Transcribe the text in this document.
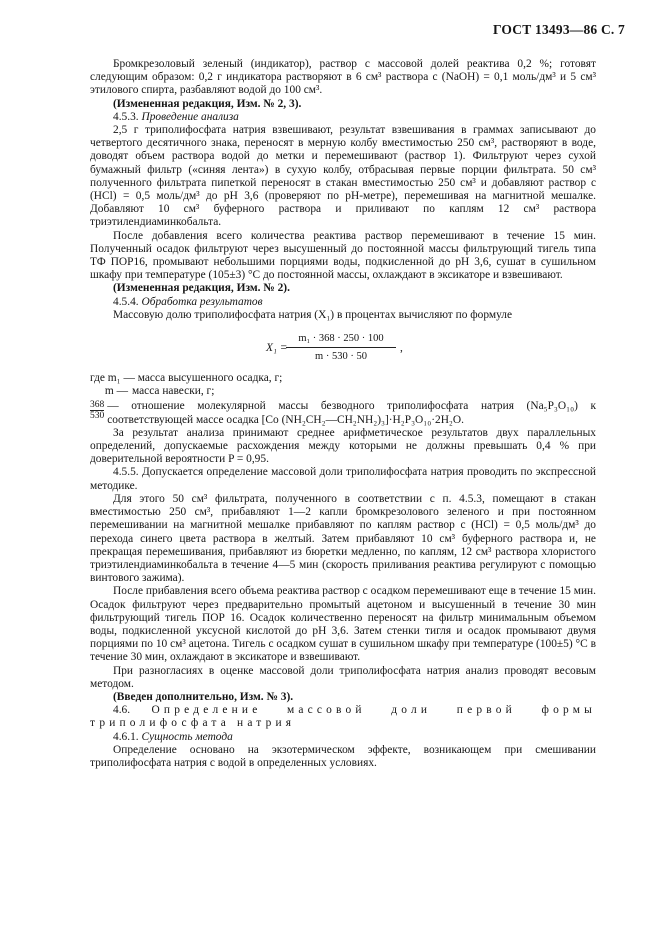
ГОСТ 13493—86 С. 7

Бромкрезоловый зеленый (индикатор), раствор с массовой долей реактива 0,2 %; готовят следующим образом: 0,2 г индикатора растворяют в 6 см³ раствора с (NaOH) = 0,1 моль/дм³ и 5 см³ этилового спирта, разбавляют водой до 100 см³.

(Измененная редакция, Изм. № 2, 3).

4.5.3. Проведение анализа

2,5 г триполифосфата натрия взвешивают, результат взвешивания в граммах записывают до четвертого десятичного знака, переносят в мерную колбу вместимостью 250 см³, растворяют в воде, доводят объем раствора водой до метки и перемешивают (раствор 1). Фильтруют через сухой бумажный фильтр («синяя лента») в сухую колбу, отбрасывая первые порции фильтрата. 50 см³ полученного фильтрата пипеткой переносят в стакан вместимостью 250 см³ и добавляют раствор с (HCl) = 0,5 моль/дм³ до pH 3,6 (проверяют по pH-метре), перемешивая на магнитной мешалке. Добавляют 10 см³ буферного раствора и приливают по каплям 12 см³ раствора триэтилендиаминкобальта.

После добавления всего количества реактива раствор перемешивают в течение 15 мин. Полученный осадок фильтруют через высушенный до постоянной массы фильтрующий тигель типа ТФ ПОР16, промывают небольшими порциями воды, подкисленной до pH 3,6, сушат в сушильном шкафу при температуре (105±3) °С до постоянной массы, охлаждают в эксикаторе и взвешивают.

(Измененная редакция, Изм. № 2).

4.5.4. Обработка результатов

Массовую долю триполифосфата натрия (X₁) в процентах вычисляют по формуле

X₁ =
$\frac{\text{m₁ · 368 · 250 · 100}}{m \cdot 530 \cdot 50}$ ,
где m₁ —
масса высушенного осадка, г;
m — масса навески, г;
$\frac{368}{530}$ — отношение молекулярной массы безводного триполифосфата натрия (Na₅P₃O₁₀) к соответствующей массе осадка [Co (NH₂CH₂—CH₂NH₂)₃]·H₂P₃O₁₀·2H₂O.

За результат анализа принимают среднее арифметическое результатов двух параллельных определений, допускаемые расхождения между которыми не должны превышать 0,4 % при доверительной вероятности P = 0,95.

4.5.5. Допускается определение массовой доли триполифосфата натрия проводить по экспрессной методике.

Для этого 50 см³ фильтрата, полученного в соответствии с п. 4.5.3, помещают в стакан вместимостью 250 см³, прибавляют 1—2 капли бромкрезолового зеленого и при постоянном перемешивании на магнитной мешалке прибавляют по каплям раствор с (HCl) = 0,5 моль/дм³ до перехода синего цвета раствора в желтый. Затем прибавляют 10 см³ буферного раствора и, не прекращая перемешивания, прибавляют из бюретки медленно, по каплям, 12 см³ раствора хлористого триэтилендиаминкобальта в течение 4—5 мин (скорость приливания реактива регулируют с помощью винтового зажима).

После прибавления всего объема реактива раствор с осадком перемешивают еще в течение 15 мин. Осадок фильтруют через предварительно промытый ацетоном и высушенный в течение 30 мин фильтрующий тигель ПОР 16. Осадок количественно переносят на фильтр минимальным объемом воды, подкисленной уксусной кислотой до pH 3,6. Затем стенки тигля и осадок промывают двумя порциями по 10 см³ ацетона. Тигель с осадком сушат в сушильном шкафу при температуре (100±5) °С в течение 30 мин, охлаждают в эксикаторе и взвешивают.

При разногласиях в оценке массовой доли триполифосфата натрия анализ проводят весовым методом.

(Введен дополнительно, Изм. № 3).

4.6. Определение массовой доли первой формы триполифосфата натрия

4.6.1. Сущность метода

Определение основано на экзотермическом эффекте, возникающем при смешивании триполифосфата натрия с водой в определенных условиях.
